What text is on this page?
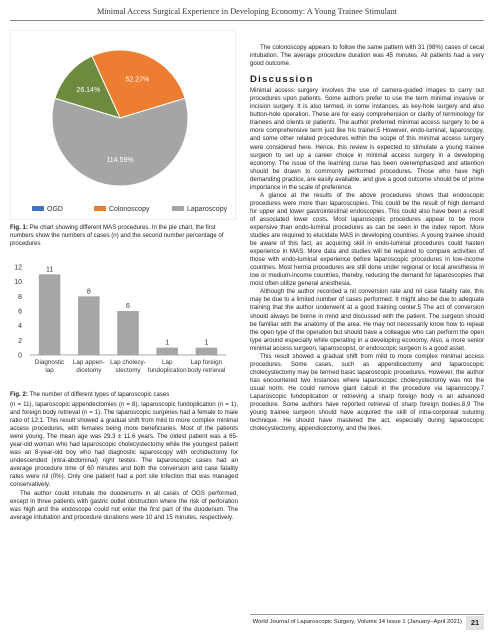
Minimal Access Surgical Experience in Developing Economy: A Young Trainee Stimulant
52.27%
114.59%
26.14%
OGD	Colonoscopy	Laparoscopy
Fig. 1: Pie chart showing different MAS procedures. In the pie chart, the first numbers show the numbers of cases (n) and the second number percentage of procedures
0
2
4
6
8
10
12	11
Diagnostic
lap
8
Lap appen-
dicetomy
6
Lap cholecy-
stectomy
1
Lap
fundoplication
1
Lap foreign
body retrieval
Fig. 2: The number of different types of laparoscopic cases

(n = 11), laparoscopic appendectomies (n = 8), laparoscopic fundoplication (n = 1), and foreign body retrieval (n = 1). The laparoscopic surgeries had a female to male ratio of 12:1. This result showed a gradual shift from mild to more complex minimal access procedures, with females being more beneficiaries. Most of the patients were young. The mean age was 29.3 ± 11.6 years. The oldest patient was a 65-year-old woman who had laparoscopic cholecystectomy while the youngest patient was an 8-year-old boy who had diagnostic laparoscopy with orchidectomy for undescended (intra-abdominal) right testes. The laparoscopic cases had an average procedure time of 60 minutes and both the conversion and case fatality rates were nil (0%). Only one patient had a port site infection that was managed conservatively.

The author could intubate the duodenums in all cases of OGS performed, except in three patients with gastric outlet obstruction where the risk of perforation was high and the endoscope could not enter the first part of the duodenum. The average intubation and procedure durations were 10 and 15 minutes, respectively.

The colonoscopy appears to follow the same pattern with 31 (98%) cases of cecal intubation. The average procedure duration was 45 minutes. All patients had a very good outcome.

Discussion

Minimal access surgery involves the use of camera-guided images to carry out procedures upon patients. Some authors prefer to use the term minimal invasive or incision surgery. It is also termed, in some instances, as key-hole surgery and also button-hole operation. These are for easy comprehension or clarity of terminology for trainees and clients or patients. The author preferred minimal access surgery to be a more comprehensive term just like his trainer.5 However, endo-luminal, laparoscopy, and some other related procedures within the scope of this minimal access surgery were considered here. Hence, this review is expected to stimulate a young trainee surgeon to set up a career choice in minimal access surgery in a developing economy. The issue of the learning curve has been overemphasized and attention should be drawn to commonly performed procedures. Those who have high demanding practice, are easily available, and give a good outcome should be of prime importance in the scale of preference.

A glance at the results of the above procedures shows that endoscopic procedures were more than laparoscopies. This could be the result of high demand for upper and lower gastrointestinal endoscopies. This could also have been a result of associated lower costs. Most laparoscopic procedures appear to be more expensive than endo-luminal procedures as can be seen in the index report. More studies are required to elucidate MAS in developing countries. A young trainee should be aware of this fact, as acquiring skill in endo-luminal procedures could hasten experience in MAS. More data and studies will be required to compare activities of those with endo-luminal experience before laparoscopic procedures in low-income countries. Most hernia procedures are still done under regional or local anesthesia in low or medium-income countries, thereby, reducing the demand for laparoscopies that most often utilize general anesthesia.

Although the author recorded a nil conversion rate and nil case fatality rate, this may be due to a limited number of cases performed. It might also be due to adequate training that the author underwent at a good training center.5 The act of conversion should always be borne in mind and discussed with the patient. The surgeon should be familiar with the anatomy of the area. He may not necessarily know how to repeat the open type of the operation but should have a colleague who can perform the open type around especially while operating in a developing economy. Also, a more senior minimal access surgeon, laparoscopist, or endoscopic surgeon is a good asset.

This result showed a gradual shift from mild to more complex minimal access procedures. Some cases, such as appendicectomy and laparoscopic cholecystectomy may be termed basic laparoscopic procedures. However, the author has encountered two instances where laparoscopic cholecystectomy was not the usual norm. He could remove giant calculi in the procedure via laparoscopy.7 Laparoscopic fundoplication or retrieving a sharp foreign body is an advanced procedure. Some authors have reported retrieval of sharp foreign bodies.8,9 The young trainee surgeon should have acquired the skill of intra-corporeal suturing technique. He should have mastered the act, especially during laparoscopic cholecystectomy, appendicectomy, and the likes.

World Journal of Laparoscopic Surgery, Volume 14 Issue 1 (January–April 2021)	21
